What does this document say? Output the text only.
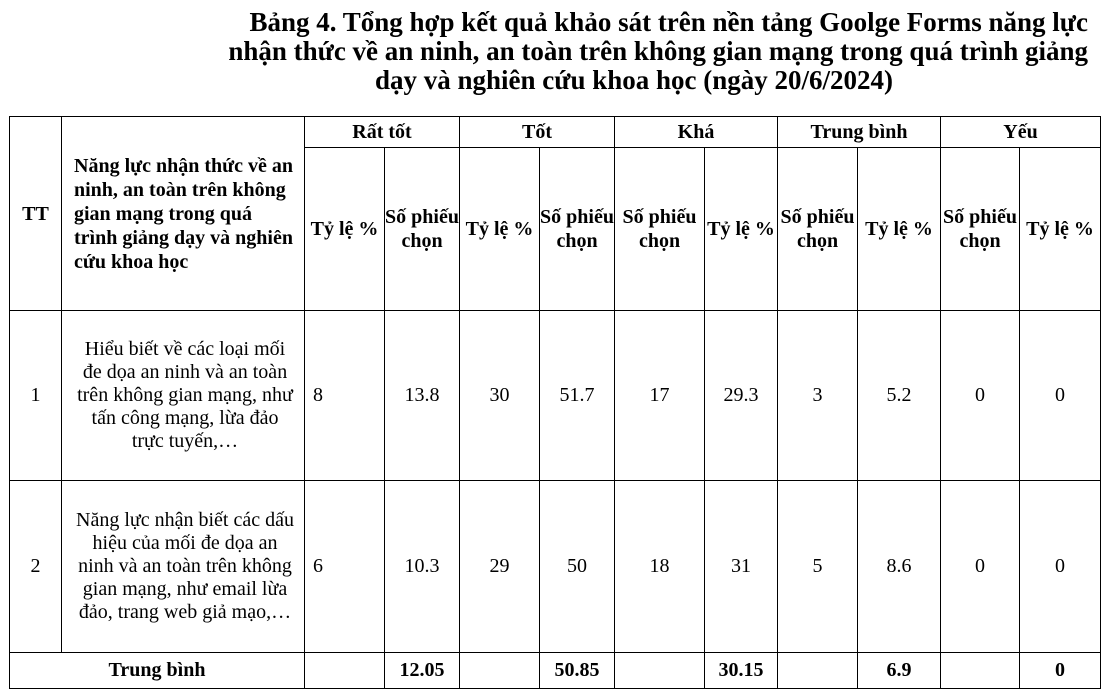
Bảng 4. Tổng hợp kết quả khảo sát trên nền tảng Goolge Forms năng lực
nhận thức về an ninh, an toàn trên không gian mạng trong quá trình giảng
dạy và nghiên cứu khoa học (ngày 20/6/2024)
TT	Năng lực nhận thức về an ninh, an toàn trên không gian mạng trong quá trình giảng dạy và nghiên cứu khoa học	Rất tốt		Tốt		Khá		Trung bình		Yếu	
		Tỷ lệ %	Số phiếu chọn	Tỷ lệ %	Số phiếu chọn	Số phiếu chọn	Tỷ lệ %	Số phiếu chọn	Tỷ lệ %	Số phiếu chọn	Tỷ lệ %
1	Hiểu biết về các loại mối đe dọa an ninh và an toàn trên không gian mạng, như tấn công mạng, lừa đảo trực tuyến,…	8	13.8	30	51.7	17	29.3	3	5.2	0	0
2	Năng lực nhận biết các dấu hiệu của mối đe dọa an ninh và an toàn trên không gian mạng, như email lừa đảo, trang web giả mạo,…	6	10.3	29	50	18	31	5	8.6	0	0
Trung bình			12.05		50.85		30.15		6.9		0
